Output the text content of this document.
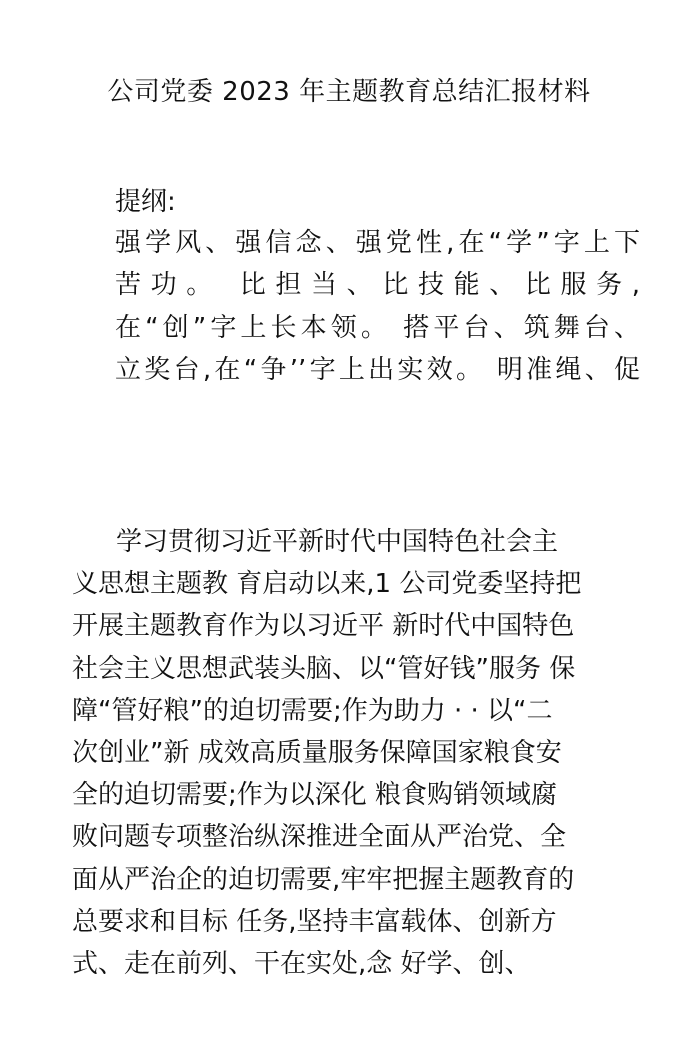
公司党委 2023 年主题教育总结汇报材料
提纲:
强学风、强信念、强党性,在“学”字上下
苦功。 比担当、比技能、比服务,
在“创”字上长本领。 搭平台、筑舞台、
立奖台,在“争’’字上出实效。 明准绳、促
学习贯彻习近平新时代中国特色社会主
义思想主题教 育启动以来,1 公司党委坚持把
开展主题教育作为以习近平 新时代中国特色
社会主义思想武装头脑、以“管好钱”服务 保
障“管好粮”的迫切需要;作为助力 · · 以“二
次创业”新 成效高质量服务保障国家粮食安
全的迫切需要;作为以深化 粮食购销领域腐
败问题专项整治纵深推进全面从严治党、全
面从严治企的迫切需要,牢牢把握主题教育的
总要求和目标 任务,坚持丰富载体、创新方
式、走在前列、干在实处,念 好学、创、
